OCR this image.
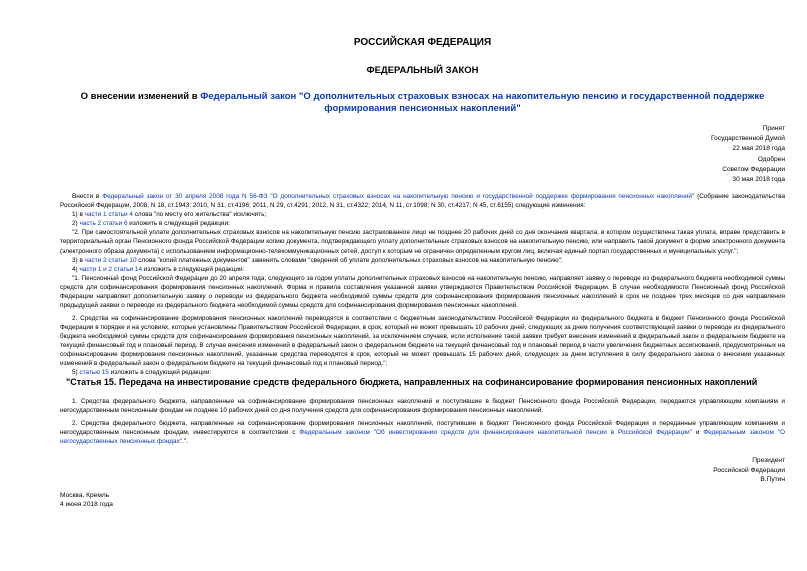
РОССИЙСКАЯ ФЕДЕРАЦИЯ
ФЕДЕРАЛЬНЫЙ ЗАКОН
О внесении изменений в Федеральный закон "О дополнительных страховых взносах на накопительную пенсию и государственной поддержке формирования пенсионных накоплений"
Принят
Государственной Думой
22 мая 2018 года
Одобрен
Советом Федерации
30 мая 2018 года

Внести в Федеральный закон от 30 апреля 2008 года N 56-ФЗ "О дополнительных страховых взносах на накопительную пенсию и государственной поддержке формирования пенсионных накоплений" (Собрание законодательства Российской Федерации, 2008, N 18, ст.1943; 2010, N 31, ст.4196; 2011, N 29, ст.4291; 2012, N 31, ст.4322; 2014, N 11, ст.1098; N 30, ст.4217; N 45, ст.6155) следующие изменения:

1) в части 1 статьи 4 слова "по месту его жительства" исключить;

2) часть 2 статьи 6 изложить в следующей редакции:

"2. При самостоятельной уплате дополнительных страховых взносов на накопительную пенсию застрахованное лицо не позднее 20 рабочих дней со дня окончания квартала, в котором осуществлена такая уплата, вправе представить в территориальный орган Пенсионного фонда Российской Федерации копию документа, подтверждающего уплату дополнительных страховых взносов на накопительную пенсию, или направить такой документ в форме электронного документа (электронного образа документа) с использованием информационно-телекоммуникационных сетей, доступ к которым не ограничен определенным кругом лиц, включая единый портал государственных и муниципальных услуг.";

3) в части 2 статьи 10 слова "копий платежных документов" заменить словами "сведений об уплате дополнительных страховых взносов на накопительную пенсию";

4) части 1 и 2 статьи 14 изложить в следующей редакции:

"1. Пенсионный фонд Российской Федерации до 20 апреля года, следующего за годом уплаты дополнительных страховых взносов на накопительную пенсию, направляет заявку о переводе из федерального бюджета необходимой суммы средств для софинансирования формирования пенсионных накоплений. Форма и правила составления указанной заявки утверждаются Правительством Российской Федерации. В случае необходимости Пенсионный фонд Российской Федерации направляет дополнительную заявку о переводе из федерального бюджета необходимой суммы средств для софинансирования формирования пенсионных накоплений в срок не позднее трех месяцев со дня направления предыдущей заявки о переводе из федерального бюджета необходимой суммы средств для софинансирования формирования пенсионных накоплений.

2. Средства на софинансирование формирования пенсионных накоплений переводятся в соответствии с бюджетным законодательством Российской Федерации из федерального бюджета в бюджет Пенсионного фонда Российской Федерации в порядке и на условиях, которые установлены Правительством Российской Федерации, в срок, который не может превышать 10 рабочих дней, следующих за днем получения соответствующей заявки о переводе из федерального бюджета необходимой суммы средств для софинансирования формирования пенсионных накоплений, за исключением случаев, если исполнение такой заявки требует внесения изменений в федеральный закон о федеральном бюджете на текущий финансовый год и плановый период. В случае внесения изменений в федеральный закон о федеральном бюджете на текущий финансовый год и плановый период в части увеличения бюджетных ассигнований, предусмотренных на софинансирование формирования пенсионных накоплений, указанные средства переводятся в срок, который не может превышать 15 рабочих дней, следующих за днем вступления в силу федерального закона о внесении указанных изменений в федеральный закон о федеральном бюджете на текущий финансовый год и плановый период.";

5) статью 15 изложить в следующей редакции:

"Статья 15. Передача на инвестирование средств федерального бюджета, направленных на софинансирование формирования пенсионных накоплений

1. Средства федерального бюджета, направленные на софинансирование формирования пенсионных накоплений и поступившие в бюджет Пенсионного фонда Российской Федерации, передаются управляющим компаниям и негосударственным пенсионным фондам не позднее 10 рабочих дней со дня получения средств для софинансирования формирования пенсионных накоплений.

2. Средства федерального бюджета, направленные на софинансирование формирования пенсионных накоплений, поступившие в бюджет Пенсионного фонда Российской Федерации и переданные управляющим компаниям и негосударственным пенсионным фондам, инвестируются в соответствии с Федеральным законом "Об инвестировании средств для финансирования накопительной пенсии в Российской Федерации" и Федеральным законом "О негосударственных пенсионных фондах".".

Президент
Российской Федерации
В.Путин
Москва, Кремль
4 июня 2018 года
